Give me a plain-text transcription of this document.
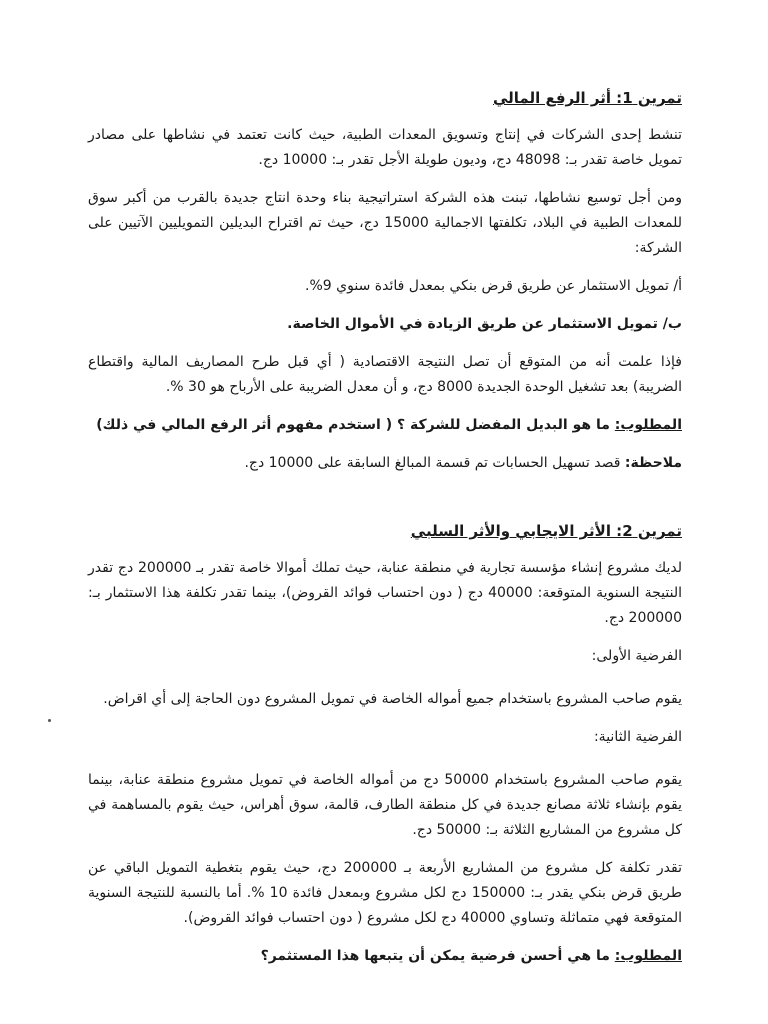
تمرين 1: أثر الرفع المالي

تنشط إحدى الشركات في إنتاج وتسويق المعدات الطبية، حيث كانت تعتمد في نشاطها على مصادر تمويل خاصة تقدر بـ: 48098 دج، وديون طويلة الأجل تقدر بـ: 10000 دج.

ومن أجل توسيع نشاطها، تبنت هذه الشركة استراتيجية بناء وحدة انتاج جديدة بالقرب من أكبر سوق للمعدات الطبية في البلاد، تكلفتها الاجمالية 15000 دج، حيث تم اقتراح البديلين التمويليين الآتيين على الشركة:

أ/ تمويل الاستثمار عن طريق قرض بنكي بمعدل فائدة سنوي 9%.

ب/ تمويل الاستثمار عن طريق الزيادة في الأموال الخاصة.

فإذا علمت أنه من المتوقع أن تصل النتيجة الاقتصادية ( أي قبل طرح المصاريف المالية واقتطاع الضريبة) بعد تشغيل الوحدة الجديدة 8000 دج، و أن معدل الضريبة على الأرباح هو 30 %.

المطلوب: ما هو البديل المفضل للشركة ؟ ( استخدم مفهوم أثر الرفع المالي في ذلك)

ملاحظة: قصد تسهيل الحسابات تم قسمة المبالغ السابقة على 10000 دج.

تمرين 2: الأثر الايجابي والأثر السلبي

لديك مشروع إنشاء مؤسسة تجارية في منطقة عنابة، حيث تملك أموالا خاصة تقدر بـ 200000 دج تقدر النتيجة السنوية المتوقعة: 40000 دج ( دون احتساب فوائد القروض)، بينما تقدر تكلفة هذا الاستثمار بـ: 200000 دج.

الفرضية الأولى:

يقوم صاحب المشروع باستخدام جميع أمواله الخاصة في تمويل المشروع دون الحاجة إلى أي اقراض.

الفرضية الثانية:

يقوم صاحب المشروع باستخدام 50000 دج من أمواله الخاصة في تمويل مشروع منطقة عنابة، بينما يقوم بإنشاء ثلاثة مصانع جديدة في كل منطقة الطارف، قالمة، سوق أهراس، حيث يقوم بالمساهمة في كل مشروع من المشاريع الثلاثة بـ: 50000 دج.

تقدر تكلفة كل مشروع من المشاريع الأربعة بـ 200000 دج، حيث يقوم بتغطية التمويل الباقي عن طريق قرض بنكي يقدر بـ: 150000 دج لكل مشروع وبمعدل فائدة 10 %. أما بالنسبة للنتيجة السنوية المتوقعة فهي متماثلة وتساوي 40000 دج لكل مشروع ( دون احتساب فوائد القروض).

المطلوب: ما هي أحسن فرضية يمكن أن يتبعها هذا المستثمر؟
